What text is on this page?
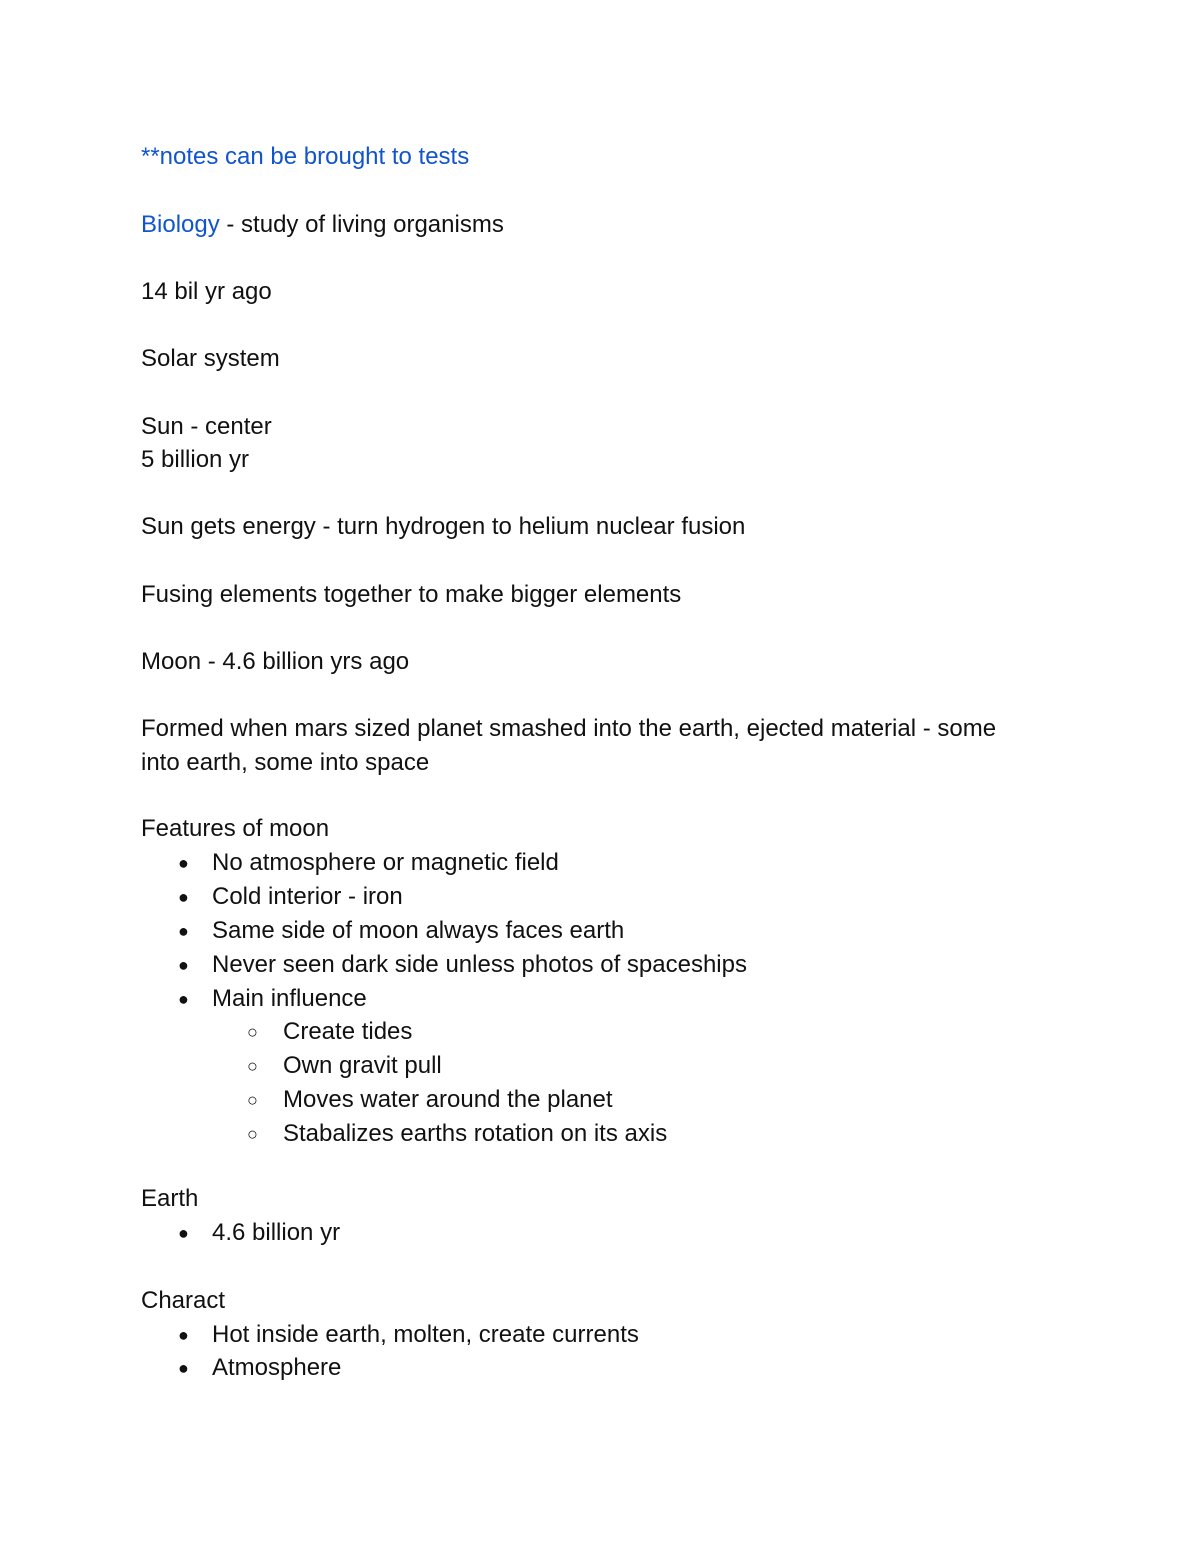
**notes can be brought to tests

Biology - study of living organisms

14 bil yr ago

Solar system

Sun - center

5 billion yr

Sun gets energy - turn hydrogen to helium nuclear fusion

Fusing elements together to make bigger elements

Moon - 4.6 billion yrs ago

Formed when mars sized planet smashed into the earth, ejected material - some

into earth, some into space

Features of moon

● No atmosphere or magnetic field
● Cold interior - iron
● Same side of moon always faces earth
● Never seen dark side unless photos of spaceships
● Main influence
○ Create tides
○ Own gravit pull
○ Moves water around the planet
○ Stabalizes earths rotation on its axis

Earth

● 4.6 billion yr

Charact

● Hot inside earth, molten, create currents
● Atmosphere
